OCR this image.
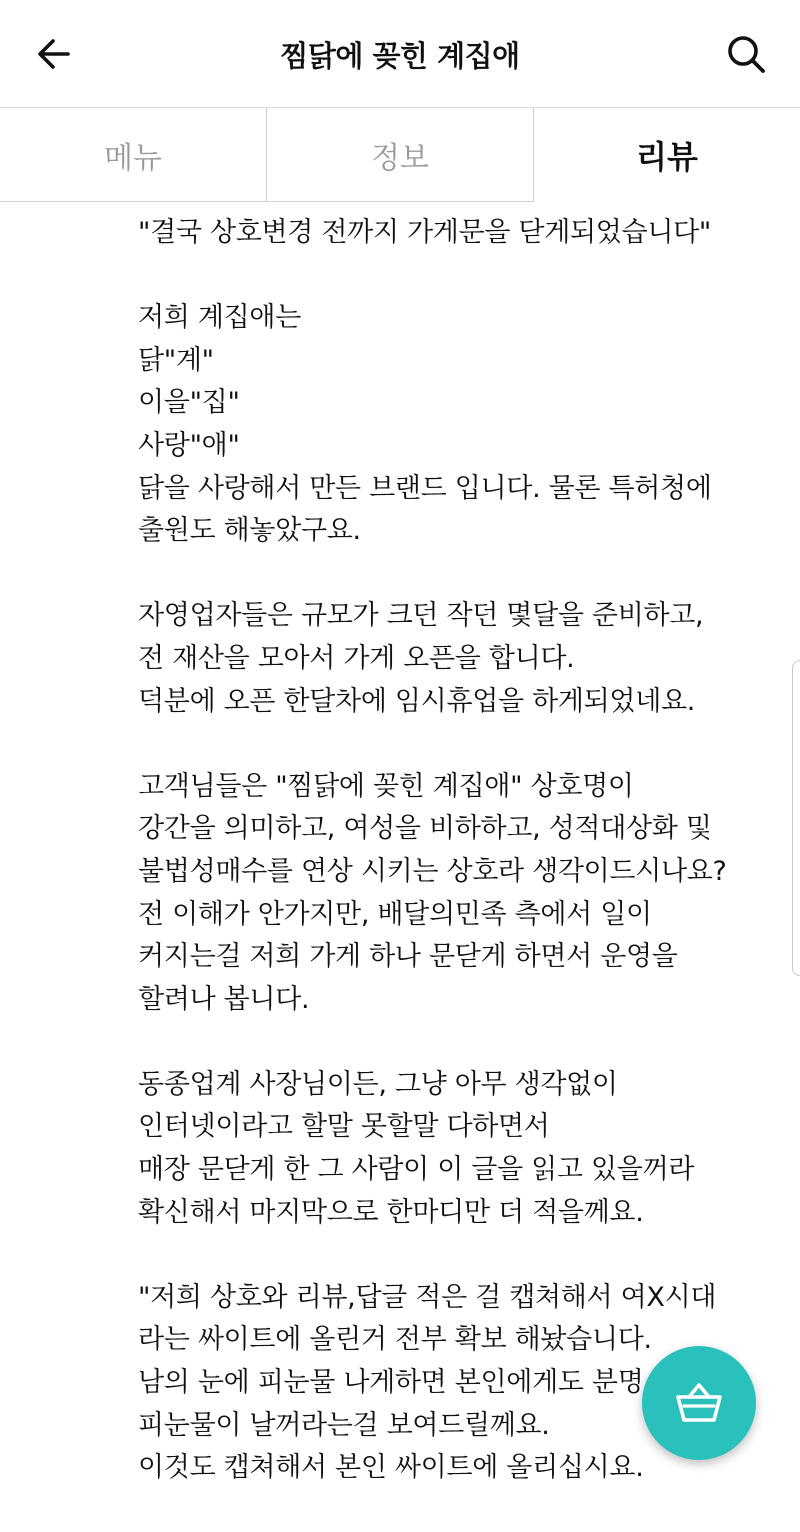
찜닭에 꽂힌 계집애
메뉴	정보	리뷰

"결국 상호변경 전까지 가게문을 닫게되었습니다"

저희 계집애는
닭"계"
이을"집"
사랑"애"
닭을 사랑해서 만든 브랜드 입니다. 물론 특허청에
출원도 해놓았구요.

자영업자들은 규모가 크던 작던 몇달을 준비하고,
전 재산을 모아서 가게 오픈을 합니다.
덕분에 오픈 한달차에 임시휴업을 하게되었네요.

고객님들은 "찜닭에 꽂힌 계집애" 상호명이
강간을 의미하고, 여성을 비하하고, 성적대상화 및
불법성매수를 연상 시키는 상호라 생각이드시나요?
전 이해가 안가지만, 배달의민족 측에서 일이
커지는걸 저희 가게 하나 문닫게 하면서 운영을
할려나 봅니다.

동종업계 사장님이든, 그냥 아무 생각없이
인터넷이라고 할말 못할말 다하면서
매장 문닫게 한 그 사람이 이 글을 읽고 있을꺼라
확신해서 마지막으로 한마디만 더 적을께요.

"저희 상호와 리뷰,답글 적은 걸 캡쳐해서 여X시대
라는 싸이트에 올린거 전부 확보 해놨습니다.
남의 눈에 피눈물 나게하면 본인에게도 분명
피눈물이 날꺼라는걸 보여드릴께요.
이것도 캡쳐해서 본인 싸이트에 올리십시요.
